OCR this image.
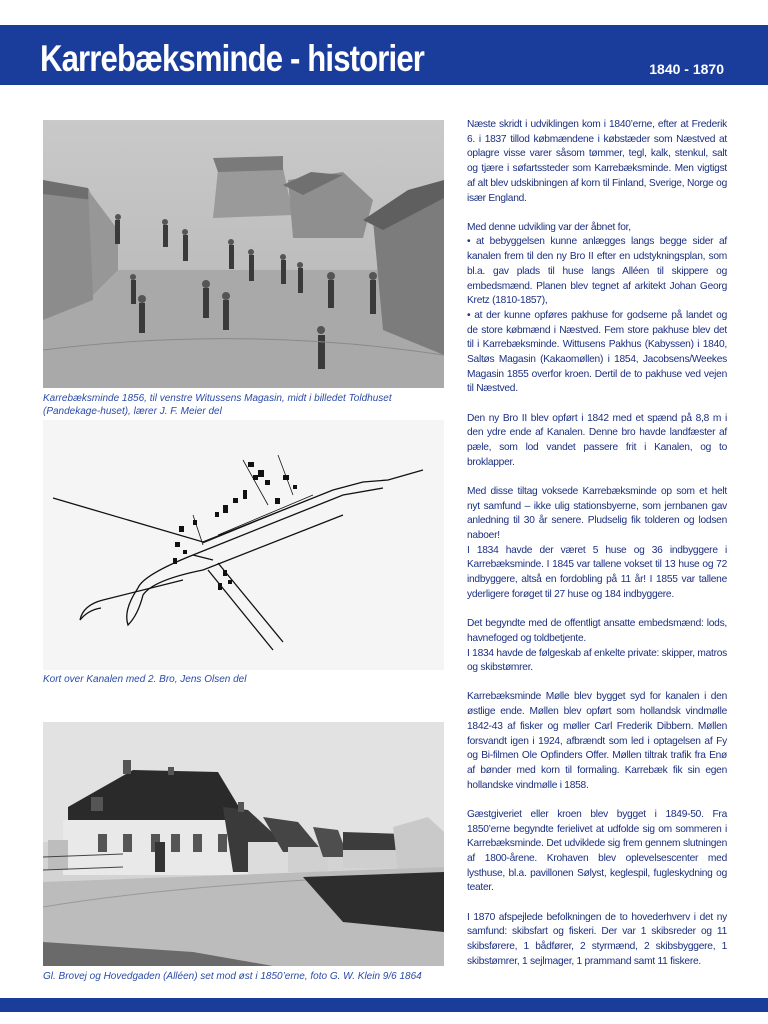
Karrebæksminde - historier	1840 - 1870
Karrebæksminde 1856, til venstre Witussens Magasin, midt i billedet Toldhuset (Pandekage-huset), lærer J. F. Meier del
Kort over Kanalen med 2. Bro, Jens Olsen del
Gl. Brovej og Hovedgaden (Alléen) set mod øst i 1850’erne, foto G. W. Klein 9/6 1864

Næste skridt i udviklingen kom i 1840’erne, efter at Frederik 6. i 1837 tillod købmændene i købstæder som Næstved at oplagre visse varer såsom tømmer, tegl, kalk, stenkul, salt og tjære i søfartssteder som Karrebæksminde. Men vigtigst af alt blev udskibningen af korn til Finland, Sverige, Norge og især England.

Med denne udvikling var der åbnet for,
• at bebyggelsen kunne anlægges langs begge sider af kanalen frem til den ny Bro II efter en udstykningsplan, som bl.a. gav plads til huse langs Alléen til skippere og embedsmænd. Planen blev tegnet af arkitekt Johan Georg Kretz (1810-1857),
• at der kunne opføres pakhuse for godserne på landet og de store købmænd i Næstved. Fem store pakhuse blev det til i Karrebæksminde. Wittusens Pakhus (Kabyssen) i 1840, Saltøs Magasin (Kakaomøllen) i 1854, Jacobsens/Weekes Magasin 1855 overfor kroen. Dertil de to pakhuse ved vejen til Næstved.

Den ny Bro II blev opført i 1842 med et spænd på 8,8 m i den ydre ende af Kanalen. Denne bro havde landfæster af pæle, som lod vandet passere frit i Kanalen, og to broklapper.

Med disse tiltag voksede Karrebæksminde op som et helt nyt samfund – ikke ulig stationsbyerne, som jernbanen gav anledning til 30 år senere. Pludselig fik tolderen og lodsen naboer!
I 1834 havde der været 5 huse og 36 indbyggere i Karrebæksminde. I 1845 var tallene vokset til 13 huse og 72 indbyggere, altså en fordobling på 11 år! I 1855 var tallene yderligere forøget til 27 huse og 184 indbyggere.

Det begyndte med de offentligt ansatte embedsmænd: lods, havnefoged og toldbetjente.
I 1834 havde de følgeskab af enkelte private: skipper, matros og skibstømrer.

Karrebæksminde Mølle blev bygget syd for kanalen i den østlige ende. Møllen blev opført som hollandsk vindmølle 1842-43 af fisker og møller Carl Frederik Dibbern. Møllen forsvandt igen i 1924, afbrændt som led i optagelsen af Fy og Bi-filmen Ole Opfinders Offer. Møllen tiltrak trafik fra Enø af bønder med korn til formaling. Karrebæk fik sin egen hollandske vindmølle i 1858.

Gæstgiveriet eller kroen blev bygget i 1849-50. Fra 1850’erne begyndte ferielivet at udfolde sig om sommeren i Karrebæksminde. Det udviklede sig frem gennem slutningen af 1800-årene. Krohaven blev oplevelsescenter med lysthuse, bl.a. pavillonen Sølyst, keglespil, fugleskydning og teater.

I 1870 afspejlede befolkningen de to hovederhverv i det ny samfund: skibsfart og fiskeri. Der var 1 skibsreder og 11 skibsførere, 1 bådfører, 2 styrmænd, 2 skibsbyggere, 1 skibstømrer, 1 sejlmager, 1 prammand samt 11 fiskere.
